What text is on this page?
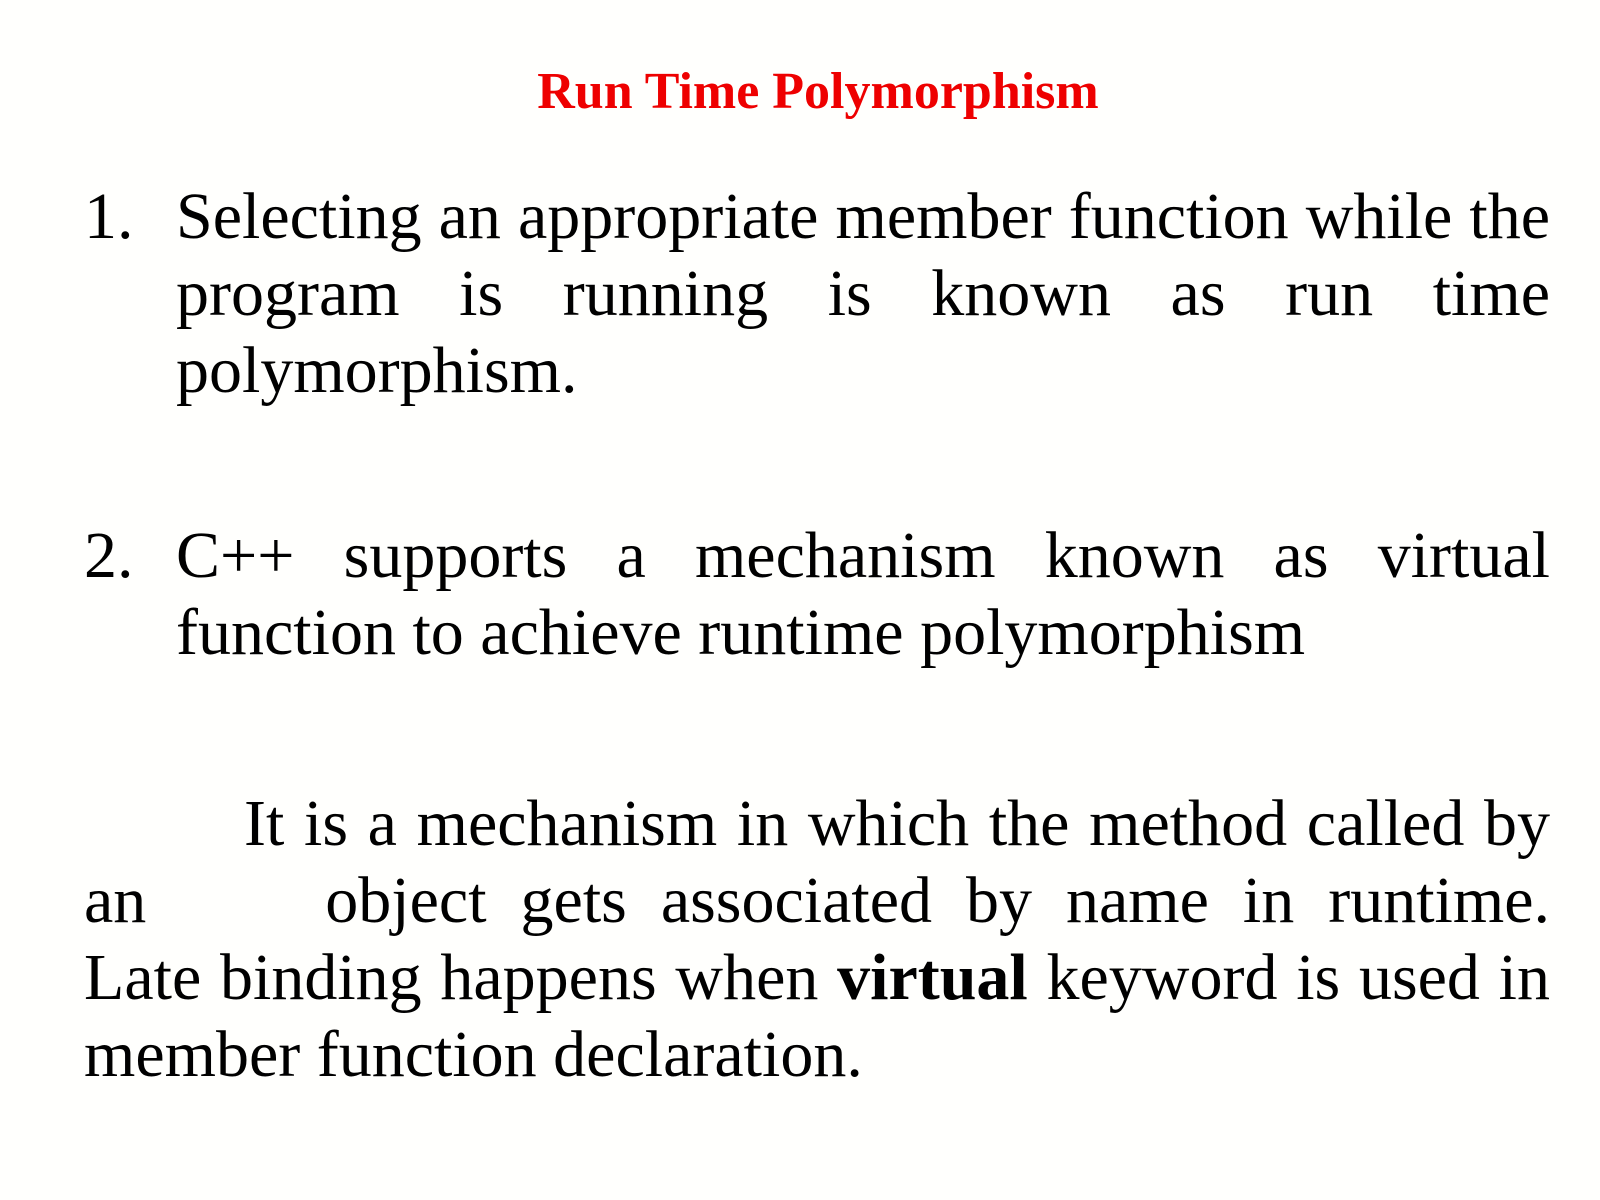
Run Time Polymorphism
1. Selecting an appropriate member function while the program is running is known as run time polymorphism.
2. C++ supports a mechanism known as virtual function to achieve runtime polymorphism
It is a mechanism in which the method called by an	object gets associated by name in runtime. Late binding happens when virtual keyword is used in member function declaration.
